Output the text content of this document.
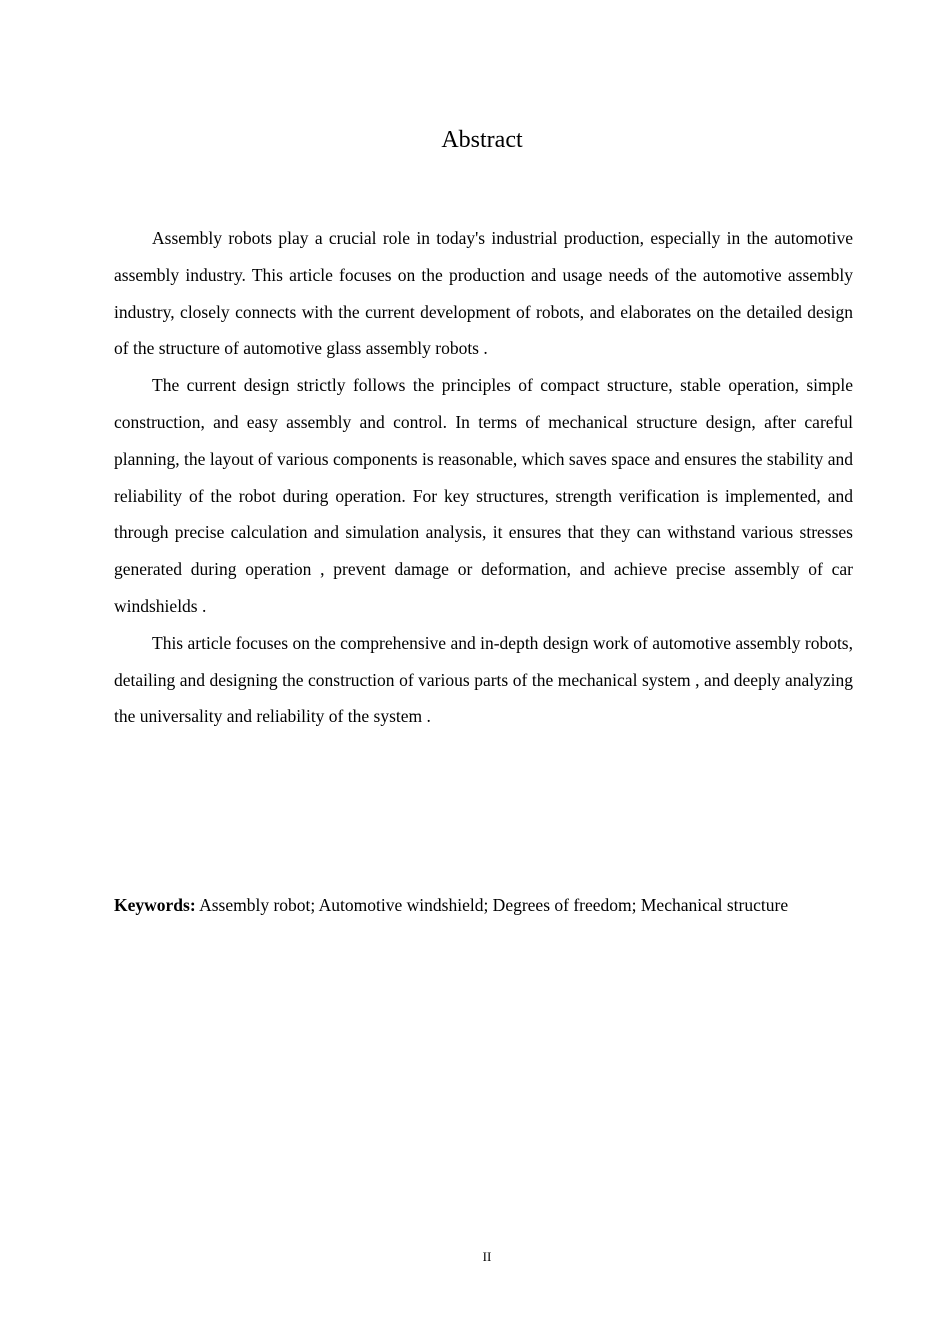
Abstract

Assembly robots play a crucial role in today's industrial production, especially in the automotive assembly industry. This article focuses on the production and usage needs of the automotive assembly industry, closely connects with the current development of robots, and elaborates on the detailed design of the structure of automotive glass assembly robots .

The current design strictly follows the principles of compact structure, stable operation, simple construction, and easy assembly and control. In terms of mechanical structure design, after careful planning, the layout of various components is reasonable, which saves space and ensures the stability and reliability of the robot during operation. For key structures, strength verification is implemented, and through precise calculation and simulation analysis, it ensures that they can withstand various stresses generated during operation , prevent damage or deformation, and achieve precise assembly of car windshields .

This article focuses on the comprehensive and in-depth design work of automotive assembly robots, detailing and designing the construction of various parts of the mechanical system , and deeply analyzing the universality and reliability of the system .

Keywords: Assembly robot; Automotive windshield; Degrees of freedom; Mechanical structure

II
